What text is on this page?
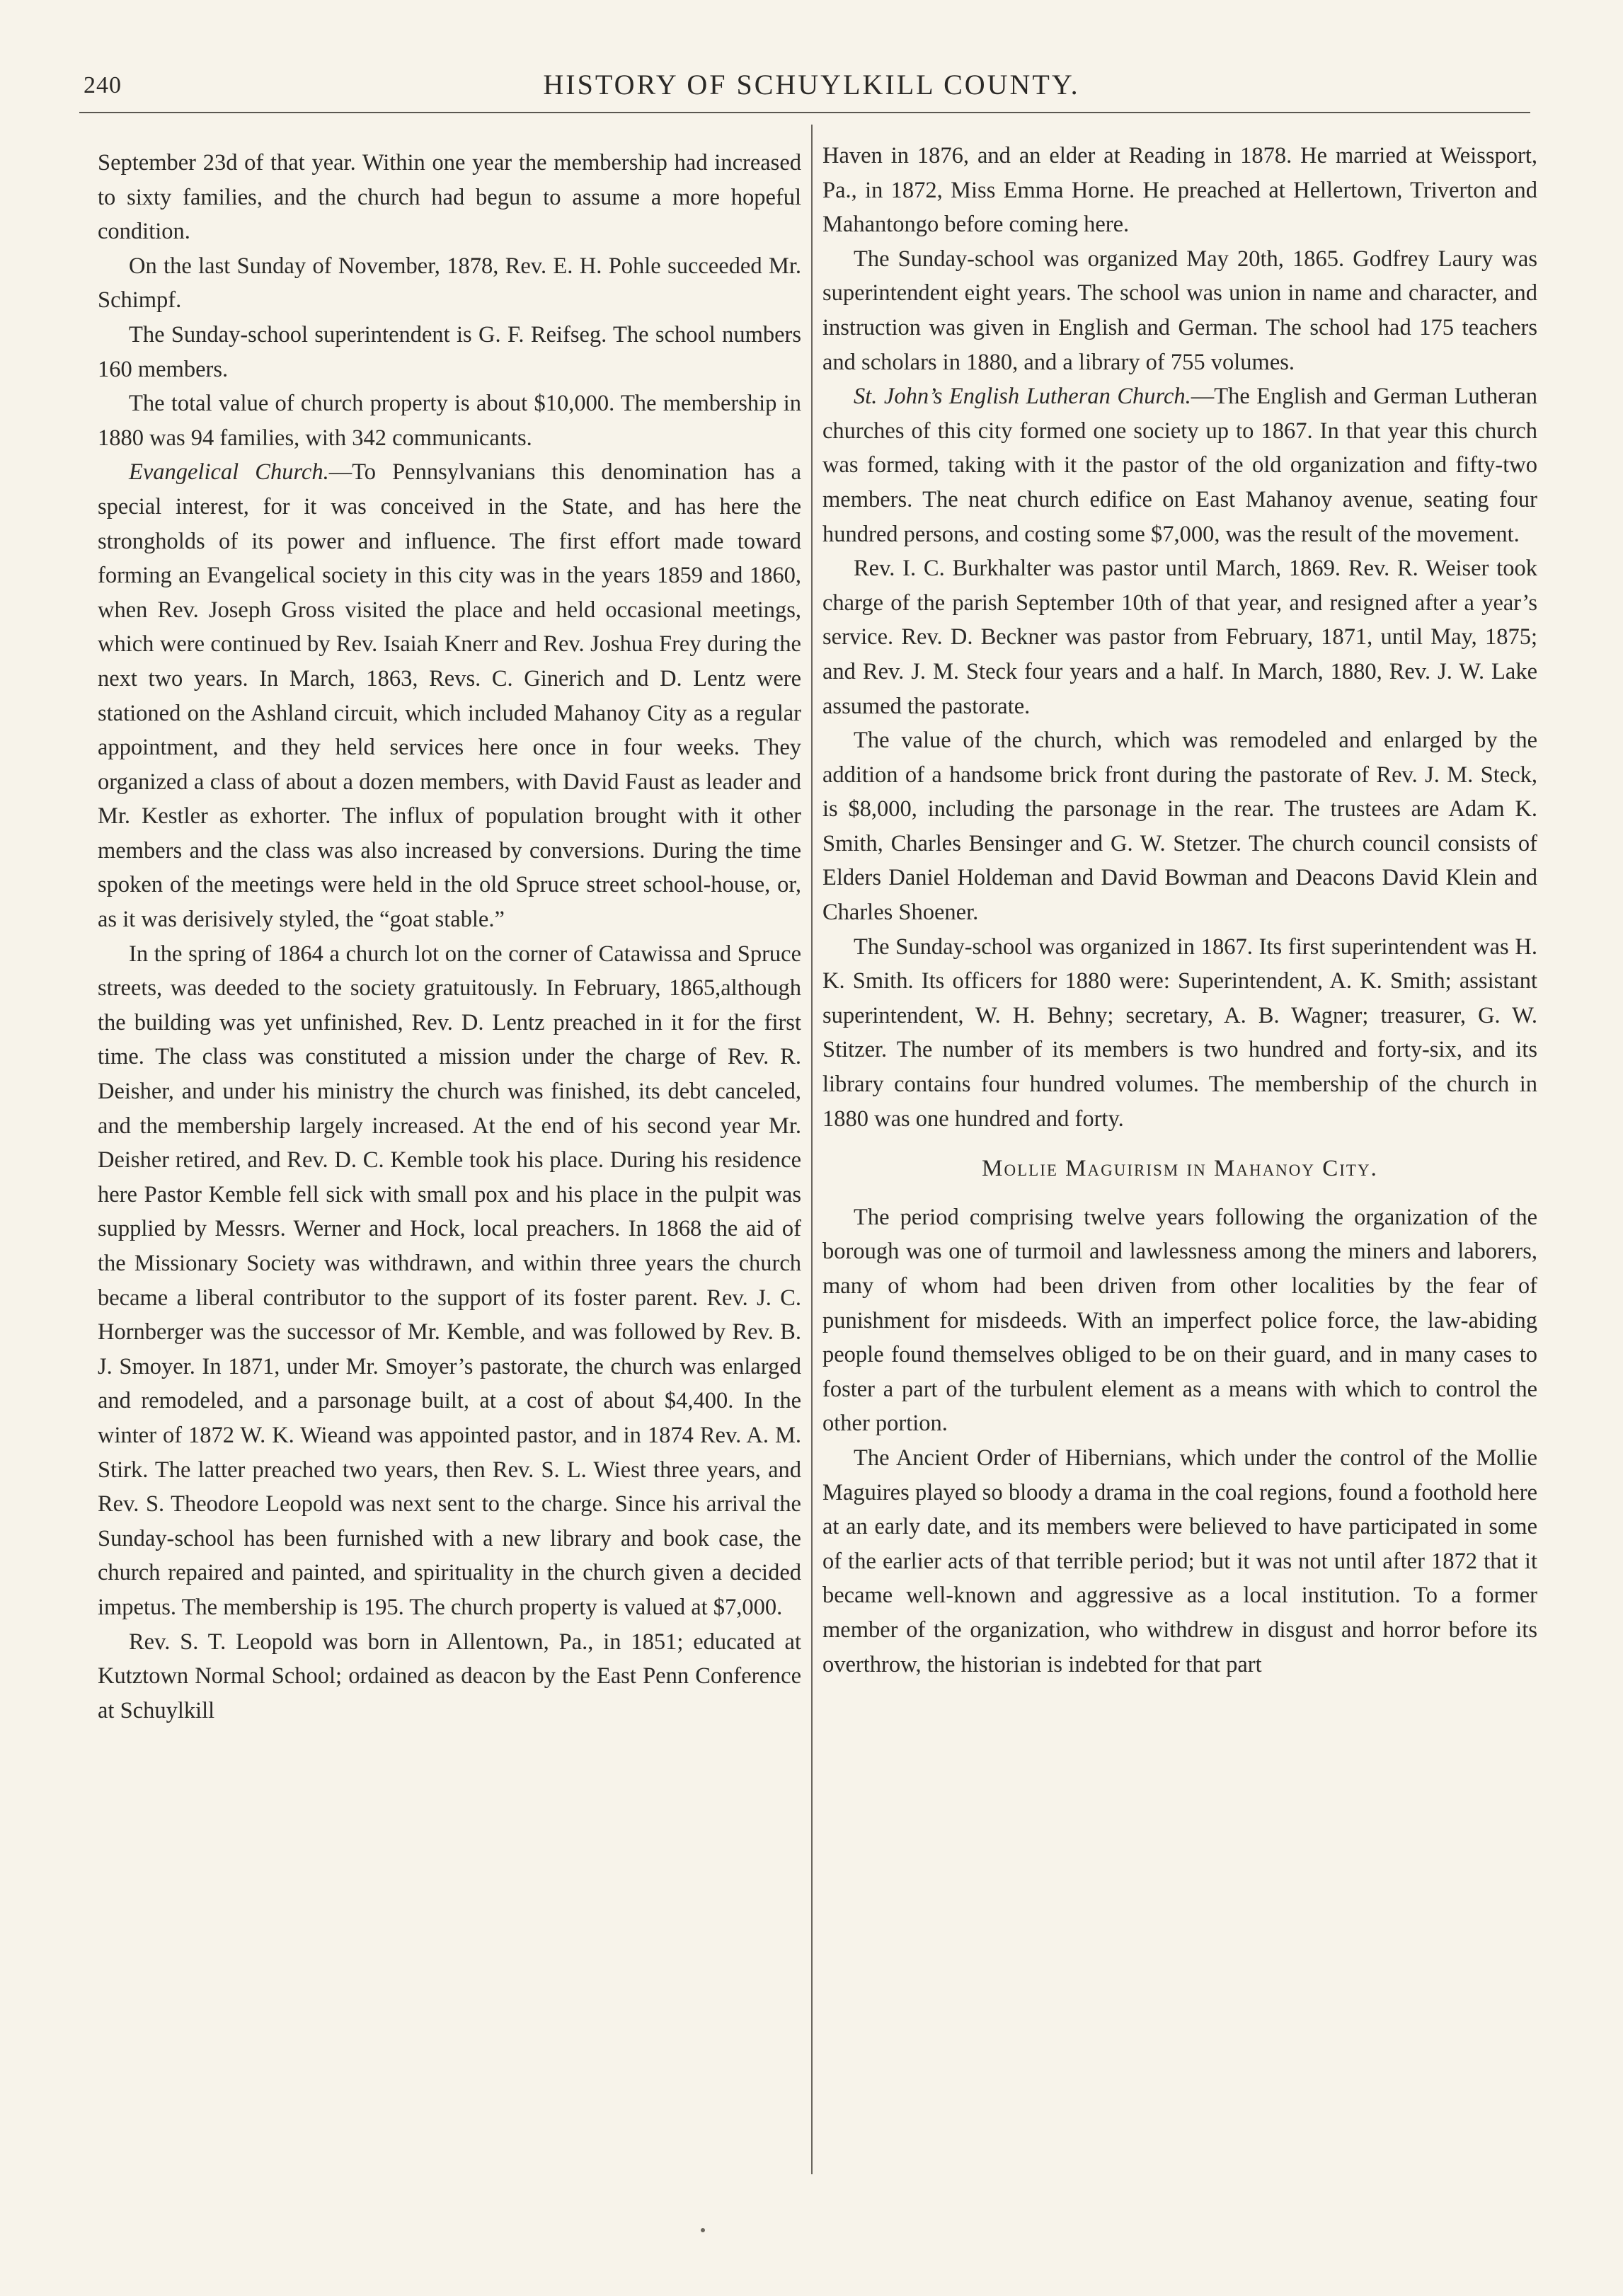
240	HISTORY OF SCHUYLKILL COUNTY.

September 23d of that year. Within one year the membership had increased to sixty families, and the church had begun to assume a more hopeful condition.

On the last Sunday of November, 1878, Rev. E. H. Pohle succeeded Mr. Schimpf.

The Sunday-school superintendent is G. F. Reifseg. The school numbers 160 members.

The total value of church property is about $10,000. The membership in 1880 was 94 families, with 342 communicants.

Evangelical Church.—To Pennsylvanians this denomination has a special interest, for it was conceived in the State, and has here the strongholds of its power and influence. The first effort made toward forming an Evangelical society in this city was in the years 1859 and 1860, when Rev. Joseph Gross visited the place and held occasional meetings, which were continued by Rev. Isaiah Knerr and Rev. Joshua Frey during the next two years. In March, 1863, Revs. C. Ginerich and D. Lentz were stationed on the Ashland circuit, which included Mahanoy City as a regular appointment, and they held services here once in four weeks. They organized a class of about a dozen members, with David Faust as leader and Mr. Kestler as exhorter. The influx of population brought with it other members and the class was also increased by conversions. During the time spoken of the meetings were held in the old Spruce street school-house, or, as it was derisively styled, the “goat stable.”

In the spring of 1864 a church lot on the corner of Catawissa and Spruce streets, was deeded to the society gratuitously. In February, 1865,although the building was yet unfinished, Rev. D. Lentz preached in it for the first time. The class was constituted a mission under the charge of Rev. R. Deisher, and under his ministry the church was finished, its debt canceled, and the membership largely increased. At the end of his second year Mr. Deisher retired, and Rev. D. C. Kemble took his place. During his residence here Pastor Kemble fell sick with small pox and his place in the pulpit was supplied by Messrs. Werner and Hock, local preachers. In 1868 the aid of the Missionary Society was withdrawn, and within three years the church became a liberal contributor to the support of its foster parent. Rev. J. C. Hornberger was the successor of Mr. Kemble, and was followed by Rev. B. J. Smoyer. In 1871, under Mr. Smoyer’s pastorate, the church was enlarged and remodeled, and a parsonage built, at a cost of about $4,400. In the winter of 1872 W. K. Wieand was appointed pastor, and in 1874 Rev. A. M. Stirk. The latter preached two years, then Rev. S. L. Wiest three years, and Rev. S. Theodore Leopold was next sent to the charge. Since his arrival the Sunday-school has been furnished with a new library and book case, the church repaired and painted, and spirituality in the church given a decided impetus. The membership is 195. The church property is valued at $7,000.

Rev. S. T. Leopold was born in Allentown, Pa., in 1851; educated at Kutztown Normal School; ordained as deacon by the East Penn Conference at Schuylkill

Haven in 1876, and an elder at Reading in 1878. He married at Weissport, Pa., in 1872, Miss Emma Horne. He preached at Hellertown, Triverton and Mahantongo before coming here.

The Sunday-school was organized May 20th, 1865. Godfrey Laury was superintendent eight years. The school was union in name and character, and instruction was given in English and German. The school had 175 teachers and scholars in 1880, and a library of 755 volumes.

St. John’s English Lutheran Church.—The English and German Lutheran churches of this city formed one society up to 1867. In that year this church was formed, taking with it the pastor of the old organization and fifty-two members. The neat church edifice on East Mahanoy avenue, seating four hundred persons, and costing some $7,000, was the result of the movement.

Rev. I. C. Burkhalter was pastor until March, 1869. Rev. R. Weiser took charge of the parish September 10th of that year, and resigned after a year’s service. Rev. D. Beckner was pastor from February, 1871, until May, 1875; and Rev. J. M. Steck four years and a half. In March, 1880, Rev. J. W. Lake assumed the pastorate.

The value of the church, which was remodeled and enlarged by the addition of a handsome brick front during the pastorate of Rev. J. M. Steck, is $8,000, including the parsonage in the rear. The trustees are Adam K. Smith, Charles Bensinger and G. W. Stetzer. The church council consists of Elders Daniel Holdeman and David Bowman and Deacons David Klein and Charles Shoener.

The Sunday-school was organized in 1867. Its first superintendent was H. K. Smith. Its officers for 1880 were: Superintendent, A. K. Smith; assistant superintendent, W. H. Behny; secretary, A. B. Wagner; treasurer, G. W. Stitzer. The number of its members is two hundred and forty-six, and its library contains four hundred volumes. The membership of the church in 1880 was one hundred and forty.

Mollie Maguirism in Mahanoy City.

The period comprising twelve years following the organization of the borough was one of turmoil and lawlessness among the miners and laborers, many of whom had been driven from other localities by the fear of punishment for misdeeds. With an imperfect police force, the law-abiding people found themselves obliged to be on their guard, and in many cases to foster a part of the turbulent element as a means with which to control the other portion.

The Ancient Order of Hibernians, which under the control of the Mollie Maguires played so bloody a drama in the coal regions, found a foothold here at an early date, and its members were believed to have participated in some of the earlier acts of that terrible period; but it was not until after 1872 that it became well-known and aggressive as a local institution. To a former member of the organization, who withdrew in disgust and horror before its overthrow, the historian is indebted for that part
